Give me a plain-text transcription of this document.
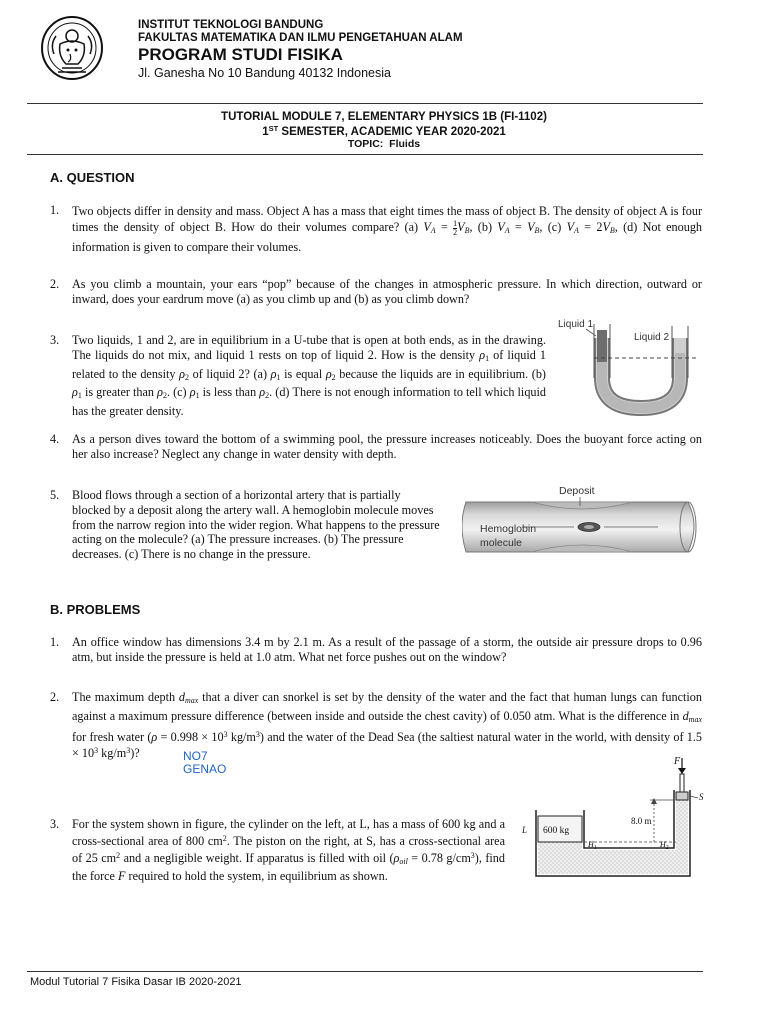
INSTITUT TEKNOLOGI BANDUNG
FAKULTAS MATEMATIKA DAN ILMU PENGETAHUAN ALAM
PROGRAM STUDI FISIKA
Jl. Ganesha No 10 Bandung 40132 Indonesia
TUTORIAL MODULE 7, ELEMENTARY PHYSICS 1B (FI-1102)
1ST SEMESTER, ACADEMIC YEAR 2020-2021
TOPIC: Fluids
A. QUESTION
1. Two objects differ in density and mass. Object A has a mass that eight times the mass of object B. The density of object A is four times the density of object B. How do their volumes compare? (a) $V_A = \frac{1}{2} V_B$, (b) $V_A = V_B$, (c) $V_A = 2V_B$, (d) Not enough information is given to compare their volumes.
2. As you climb a mountain, your ears “pop” because of the changes in atmospheric pressure. In which direction, outward or inward, does your eardrum move (a) as you climb up and (b) as you climb down?
3. Two liquids, 1 and 2, are in equilibrium in a U-tube that is open at both ends, as in the drawing. The liquids do not mix, and liquid 1 rests on top of liquid 2. How is the density $\rho_1$ of liquid 1 related to the density $\rho_2$ of liquid 2? (a) $\rho_1$ is equal $\rho_2$ because the liquids are in equilibrium. (b) $\rho_1$ is greater than $\rho_2$. (c) $\rho_1$ is less than $\rho_2$. (d) There is not enough information to tell which liquid has the greater density.
Liquid 1
Liquid 2
4. As a person dives toward the bottom of a swimming pool, the pressure increases noticeably. Does the buoyant force acting on her also increase? Neglect any change in water density with depth.
5. Blood flows through a section of a horizontal artery that is partially blocked by a deposit along the artery wall. A hemoglobin molecule moves from the narrow region into the wider region. What happens to the pressure acting on the molecule? (a) The pressure increases. (b) The pressure decreases. (c) There is no change in the pressure.
Deposit
Hemoglobin
molecule
B. PROBLEMS
1. An office window has dimensions 3.4 m by 2.1 m. As a result of the passage of a storm, the outside air pressure drops to 0.96 atm, but inside the pressure is held at 1.0 atm. What net force pushes out on the window?
2. The maximum depth $d_{max}$ that a diver can snorkel is set by the density of the water and the fact that human lungs can function against a maximum pressure difference (between inside and outside the chest cavity) of 0.050 atm. What is the difference in $d_{max}$ for fresh water ($\rho = 0.998 \times 10^3$ $kg/m^3$) and the water of the Dead Sea (the saltiest natural water in the world, with density of $1.5 \times 10^3$ $kg/m^3$)?	NO7
GENAO
3. For the system shown in figure, the cylinder on the left, at L, has a mass of 600 kg and a cross-sectional area of 800 $cm^2$. The piston on the right, at S, has a cross-sectional area of 25 $cm^2$ and a negligible weight. If apparatus is filled with oil ($\rho_{oil} = 0.78$ $g/cm^3$), find the force F required to hold the system, in equilibrium as shown.
600 kg
F
S
8.0 m
$H_1$	$H_2$
L
Modul Tutorial 7 Fisika Dasar IB 2020-2021
